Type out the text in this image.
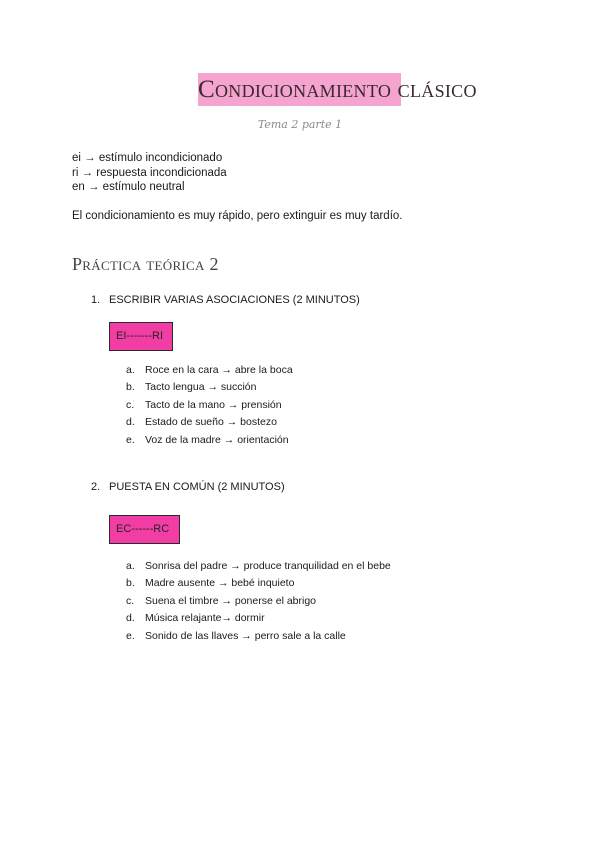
Condicionamiento clásico
Tema 2 parte 1
ei → estímulo incondicionado
ri → respuesta incondicionada
en → estímulo neutral
El condicionamiento es muy rápido, pero extinguir es muy tardío.
Práctica teórica 2
1. ESCRIBIR VARIAS ASOCIACIONES (2 MINUTOS)
EI-------RI
a. Roce en la cara → abre la boca
b. Tacto lengua → succión
c. Tacto de la mano → prensión
d. Estado de sueño → bostezo
e. Voz de la madre → orientación
2. PUESTA EN COMÚN (2 MINUTOS)
EC------RC
a. Sonrisa del padre → produce tranquilidad en el bebe
b. Madre ausente → bebé inquieto
c. Suena el timbre → ponerse el abrigo
d. Música relajante→ dormir
e. Sonido de las llaves → perro sale a la calle
